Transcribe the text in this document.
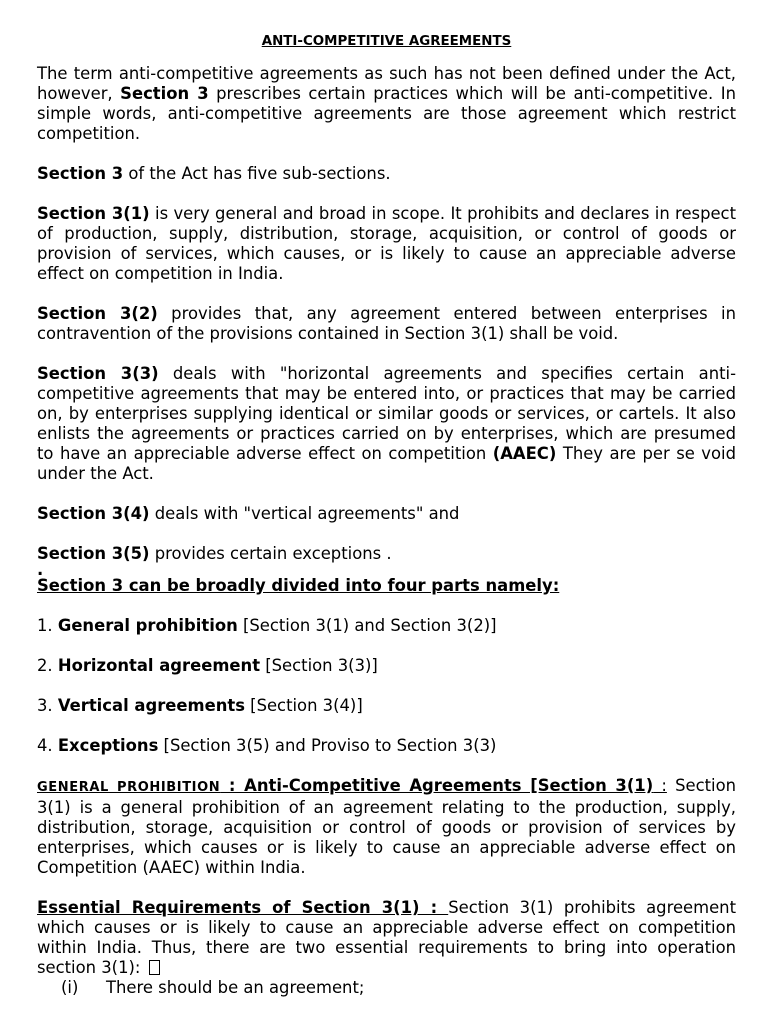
ANTI-COMPETITIVE AGREEMENTS

The term anti-competitive agreements as such has not been defined under the Act, however, Section 3 prescribes certain practices which will be anti-competitive. In simple words, anti-competitive agreements are those agreement which restrict competition.

Section 3 of the Act has five sub-sections.

Section 3(1) is very general and broad in scope. It prohibits and declares in respect of production, supply, distribution, storage, acquisition, or control of goods or provision of services, which causes, or is likely to cause an appreciable adverse effect on competition in India.

Section 3(2) provides that, any agreement entered between enterprises in contravention of the provisions contained in Section 3(1) shall be void.

Section 3(3) deals with "horizontal agreements and specifies certain anti-competitive agreements that may be entered into, or practices that may be carried on, by enterprises supplying identical or similar goods or services, or cartels. It also enlists the agreements or practices carried on by enterprises, which are presumed to have an appreciable adverse effect on competition (AAEC) They are per se void under the Act.

Section 3(4) deals with "vertical agreements" and

Section 3(5) provides certain exceptions .

.

Section 3 can be broadly divided into four parts namely:

1. General prohibition [Section 3(1) and Section 3(2)]

2. Horizontal agreement [Section 3(3)]

3. Vertical agreements [Section 3(4)]

4. Exceptions [Section 3(5) and Proviso to Section 3(3)

GENERAL PROHIBITION : Anti-Competitive Agreements [Section 3(1) : Section 3(1) is a general prohibition of an agreement relating to the production, supply, distribution, storage, acquisition or control of goods or provision of services by enterprises, which causes or is likely to cause an appreciable adverse effect on Competition (AAEC) within India.

Essential Requirements of Section 3(1) : Section 3(1) prohibits agreement which causes or is likely to cause an appreciable adverse effect on competition within India. Thus, there are two essential requirements to bring into operation section 3(1):

(i)	There should be an agreement;
